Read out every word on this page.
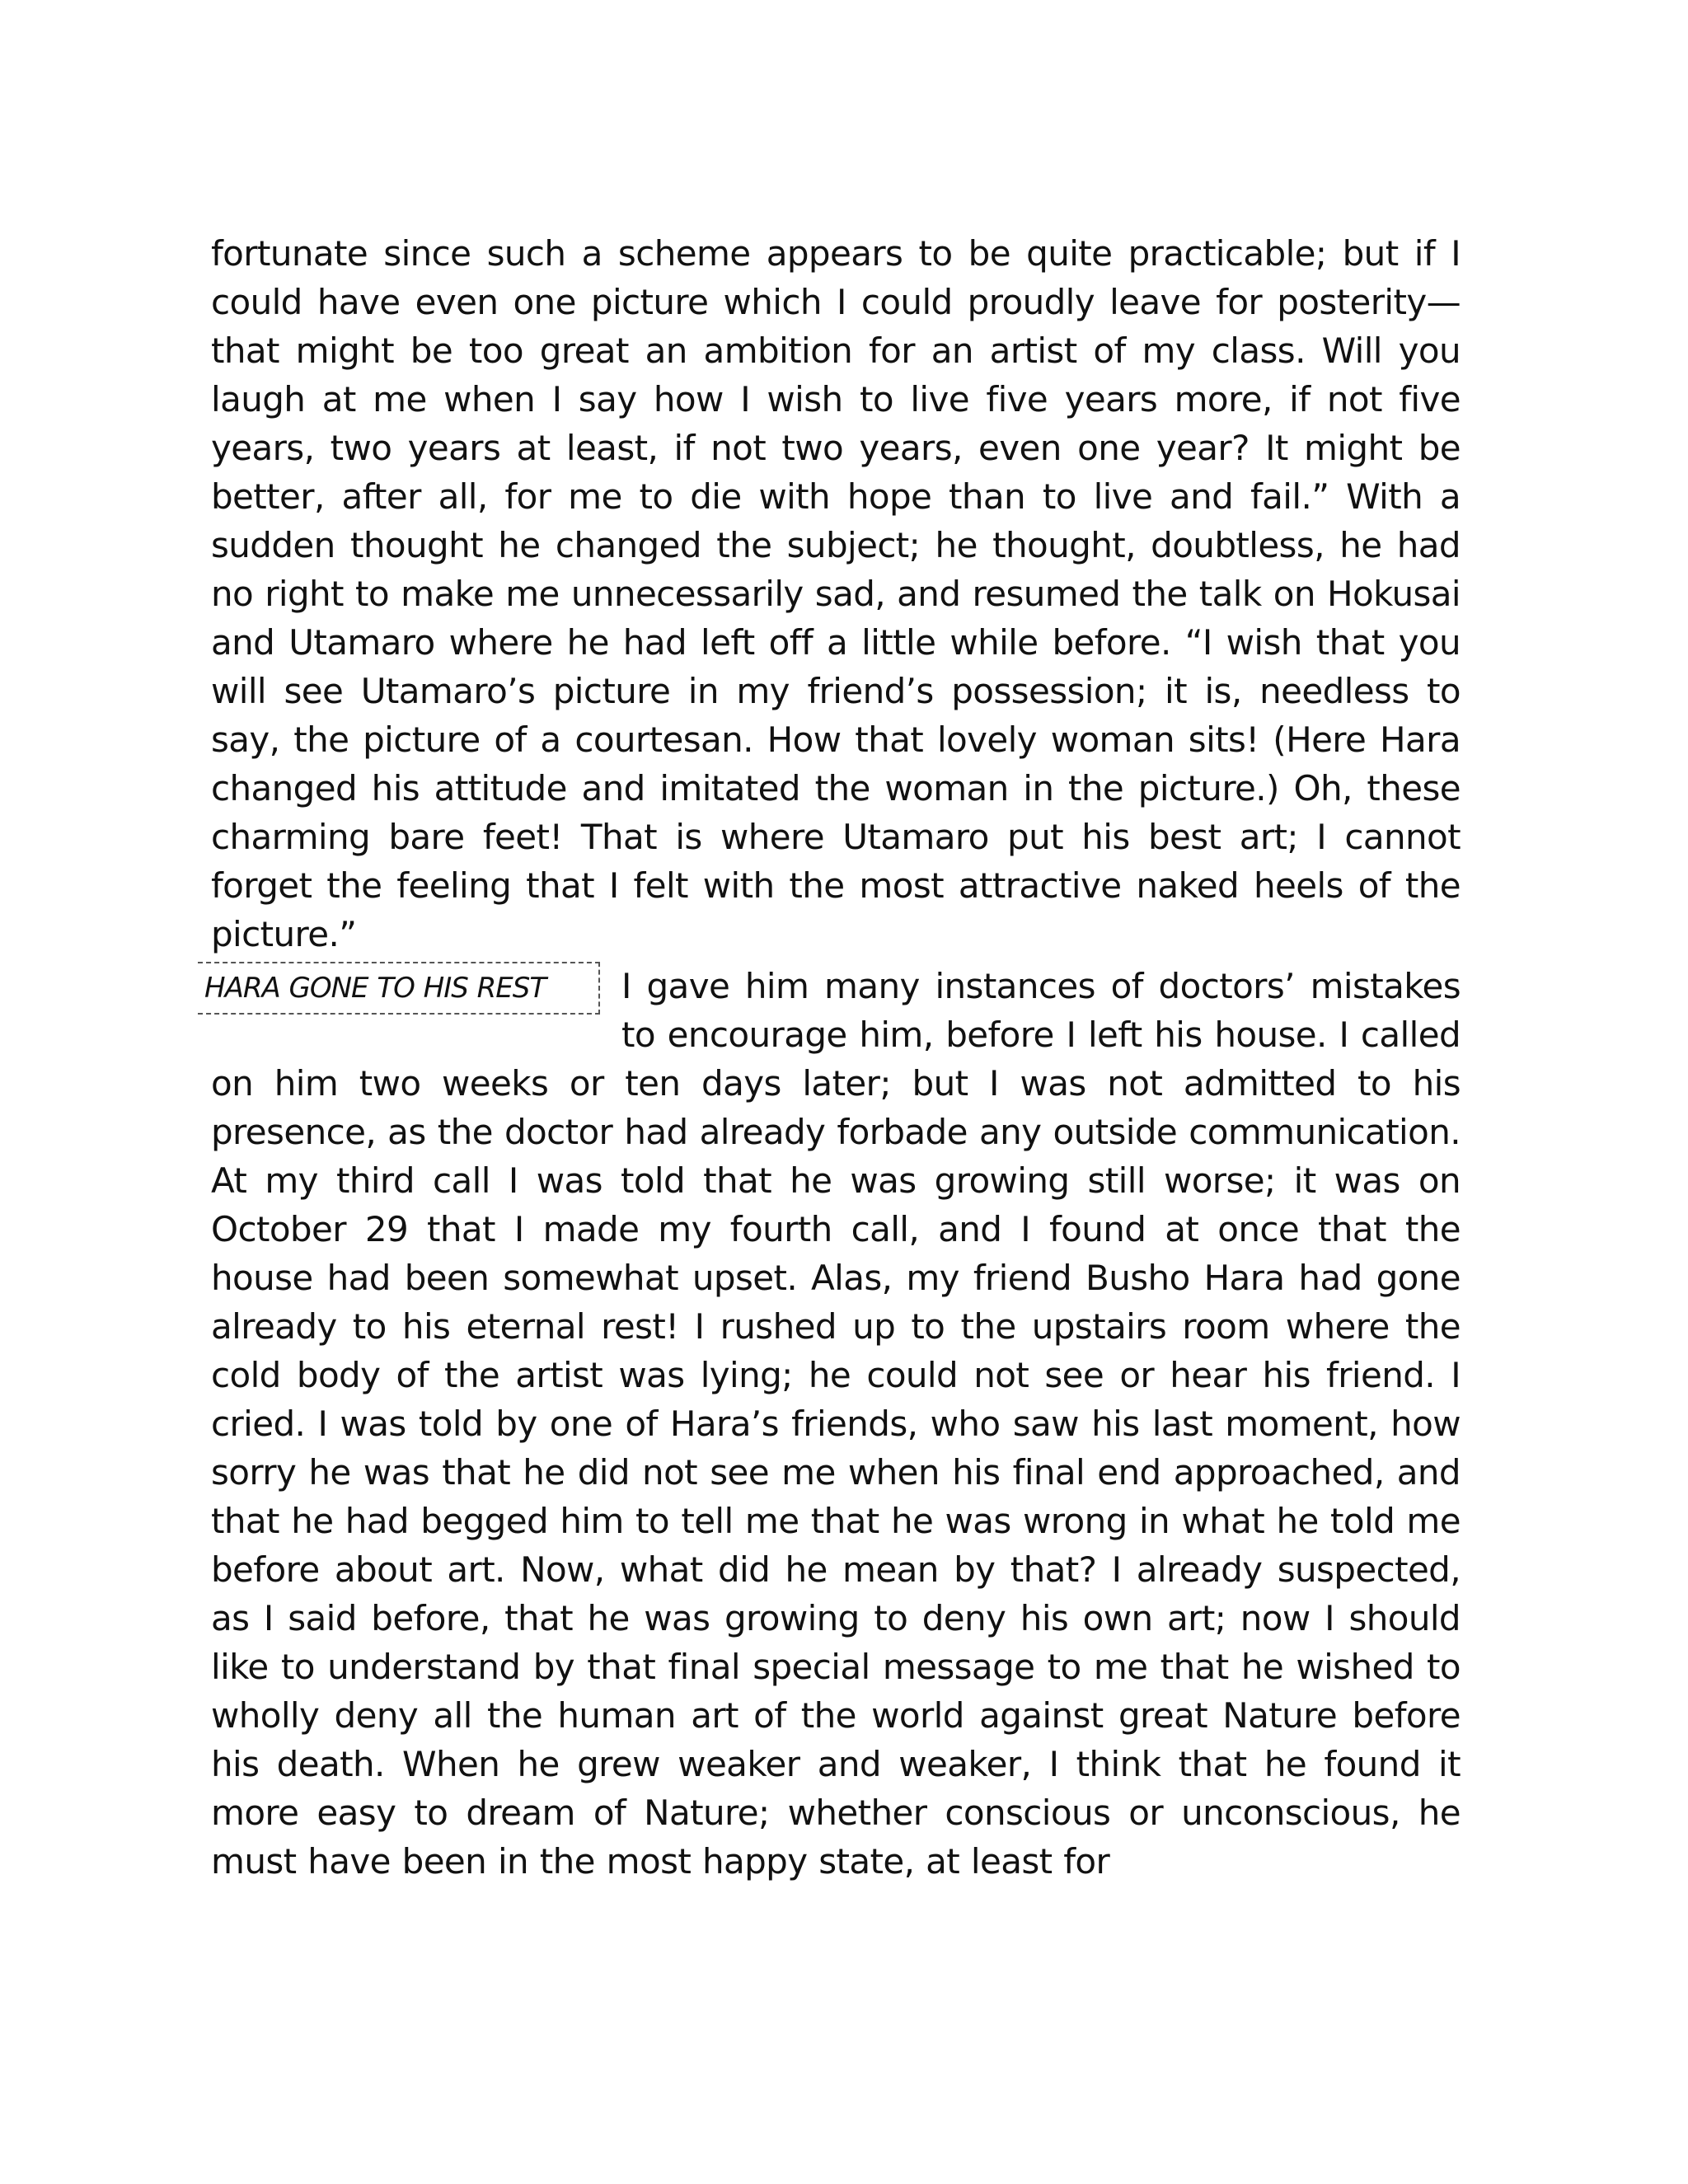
fortunate since such a scheme appears to be quite practicable; but if I could have even one picture which I could proudly leave for posterity—that might be too great an ambition for an artist of my class. Will you laugh at me when I say how I wish to live five years more, if not five years, two years at least, if not two years, even one year? It might be better, after all, for me to die with hope than to live and fail.” With a sudden thought he changed the subject; he thought, doubtless, he had no right to make me unnecessarily sad, and resumed the talk on Hokusai and Utamaro where he had left off a little while before. “I wish that you will see Utamaro’s picture in my friend’s possession; it is, needless to say, the picture of a courtesan. How that lovely woman sits! (Here Hara changed his attitude and imitated the woman in the picture.) Oh, these charming bare feet! That is where Utamaro put his best art; I cannot forget the feeling that I felt with the most attractive naked heels of the picture.”

HARA GONE TO HIS REST	I gave him many instances of doctors’ mistakes to encourage him, before I left his house. I called on him two weeks or ten days later; but I was not admitted to his presence, as the doctor had already forbade any outside communication. At my third call I was told that he was growing still worse; it was on October 29 that I made my fourth call, and I found at once that the house had been somewhat upset. Alas, my friend Busho Hara had gone already to his eternal rest! I rushed up to the upstairs room where the cold body of the artist was lying; he could not see or hear his friend. I cried. I was told by one of Hara’s friends, who saw his last moment, how sorry he was that he did not see me when his final end approached, and that he had begged him to tell me that he was wrong in what he told me before about art. Now, what did he mean by that? I already suspected, as I said before, that he was growing to deny his own art; now I should like to understand by that final special message to me that he wished to wholly deny all the human art of the world against great Nature before his death. When he grew weaker and weaker, I think that he found it more easy to dream of Nature; whether conscious or unconscious, he must have been in the most happy state, at least for
